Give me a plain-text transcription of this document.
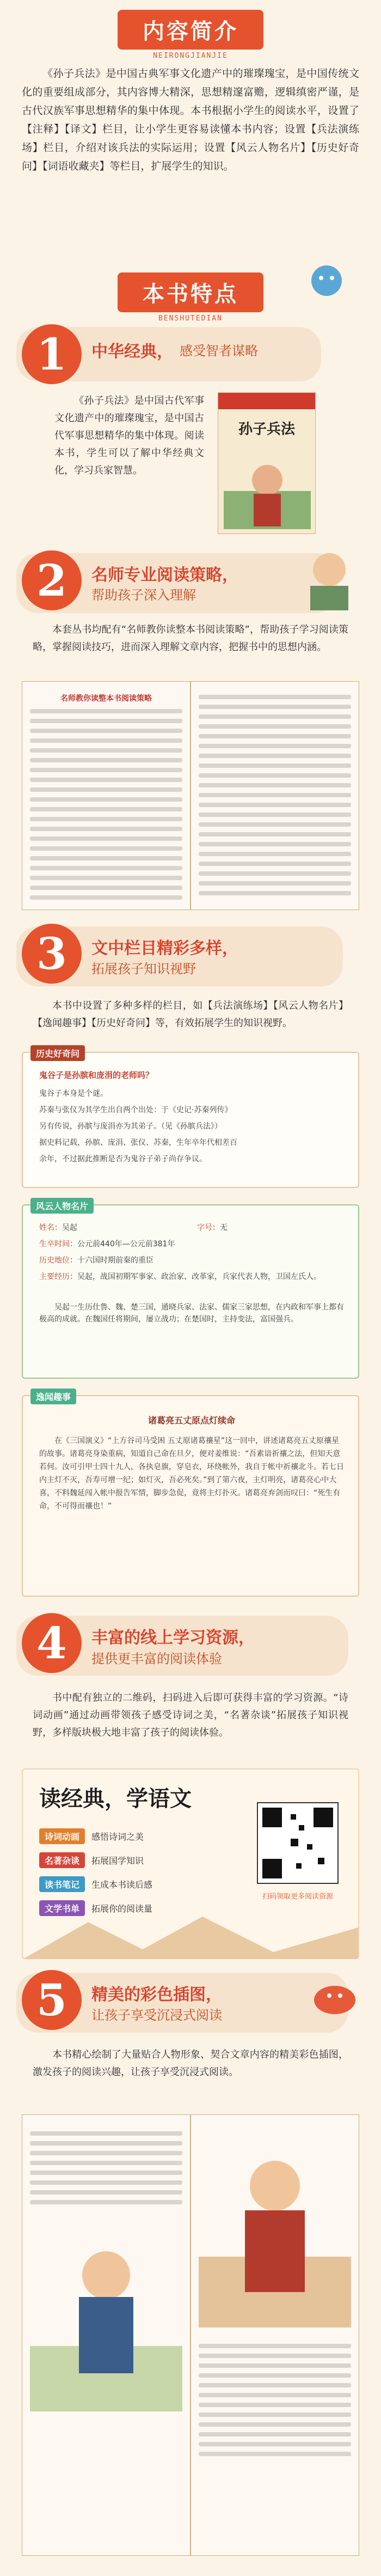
内容简介
NEIRONGJIANJIE
《孙子兵法》是中国古典军事文化遗产中的璀璨瑰宝，是中国传统文化的重要组成部分，其内容博大精深，思想精邃富赡，逻辑缜密严谨，是古代汉族军事思想精华的集中体现。本书根据小学生的阅读水平，设置了【注释】【译文】栏目，让小学生更容易读懂本书内容；设置【兵法演练场】栏目，介绍对该兵法的实际运用；设置【风云人物名片】【历史好奇问】【词语收藏夹】等栏目，扩展学生的知识。
本书特点
BENSHUTEDIAN
1	中华经典， 感受智者谋略
《孙子兵法》是中国古代军事文化遗产中的璀璨瑰宝，是中国古代军事思想精华的集中体现。阅读本书，学生可以了解中华经典文化，学习兵家智慧。
孙子兵法
2	名师专业阅读策略，
帮助孩子深入理解
本套丛书均配有“名师教你读整本书阅读策略”，帮助孩子学习阅读策略，掌握阅读技巧，进而深入理解文章内容，把握书中的思想内涵。
名师教你读整本书阅读策略
3	文中栏目精彩多样，
拓展孩子知识视野
本书中设置了多种多样的栏目，如【兵法演练场】【风云人物名片】【逸闻趣事】【历史好奇问】等，有效拓展学生的知识视野。
历史好奇问
鬼谷子是孙膑和庞涓的老师吗？
鬼谷子本身是个谜。
苏秦与张仪为其学生出自两个出处：于《史记·苏秦列传》
另有传说，孙膑与庞涓亦为其弟子。（见《孙膑兵法》）
据史料记载，孙膑、庞涓、张仪、苏秦，生年卒年代相差百
余年，不过据此推断是否为鬼谷子弟子尚存争议。
风云人物名片
姓名：吴起	字号：无
生卒时间：公元前440年—公元前381年
历史地位：十六国时期前秦的重臣
主要经历：吴起，战国初期军事家、政治家、改革家，兵家代表人物，卫国左氏人。
吴起一生历仕鲁、魏、楚三国，通晓兵家、法家、儒家三家思想，在内政和军事上都有极高的成就。在魏国任将期间，屡立战功；在楚国时，主持变法，富国强兵。
逸闻趣事
诸葛亮五丈原点灯续命
在《三国演义》“上方谷司马受困 五丈原诸葛禳星”这一回中，讲述诸葛亮五丈原禳星的故事。诸葛亮身染重病，知道自己命在旦夕，便对姜维说：“吾素谙祈禳之法，但知天意若何。汝可引甲士四十九人，各执皂旗，穿皂衣，环绕帐外，我自于帐中祈禳北斗。若七日内主灯不灭，吾寿可增一纪；如灯灭，吾必死矣。”到了第六夜，主灯明亮，诸葛亮心中大喜，不料魏延闯入帐中报告军情，脚步急促，竟将主灯扑灭。诸葛亮弃剑而叹曰：“死生有命，不可得而禳也！”
4	丰富的线上学习资源，
提供更丰富的阅读体验
书中配有独立的二维码，扫码进入后即可获得丰富的学习资源。“诗词动画”通过动画带领孩子感受诗词之美，“名著杂谈”拓展孩子知识视野，多样版块极大地丰富了孩子的阅读体验。
读经典，学语文
诗词动画	感悟诗词之美
名著杂谈	拓展国学知识
读书笔记	生成本书读后感
文学书单	拓展你的阅读量
扫码领取更多阅读资源
5	精美的彩色插图，
让孩子享受沉浸式阅读
本书精心绘制了大量贴合人物形象、契合文章内容的精美彩色插图，激发孩子的阅读兴趣，让孩子享受沉浸式阅读。
